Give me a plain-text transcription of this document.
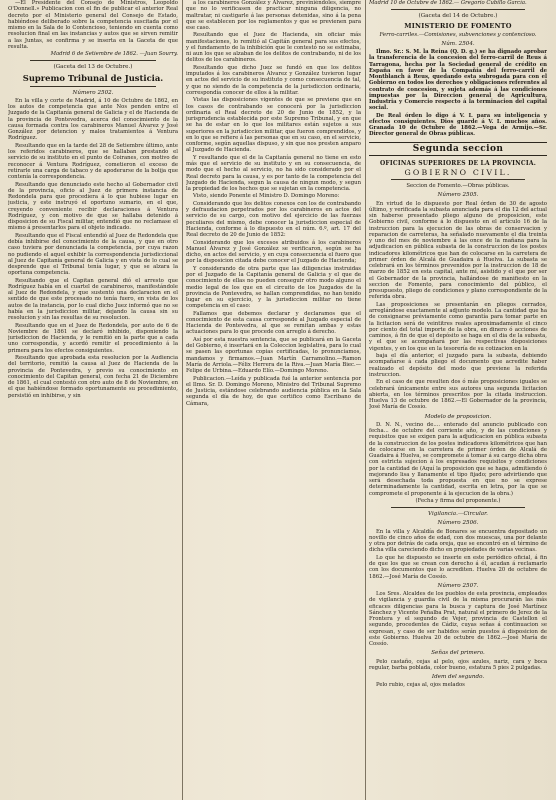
—El Presidente del Consejo de Ministros, Leopoldo O'Donnell.» Publicacion con el fin de publicar el anterior Real decreto por el Ministerio general del Consejo de Estado, habiéndose deliberado sobre la competencia suscitada por el mismo en la Sala de lo Contencioso, teniendo en cuenta como resolucion final en las instancias y autos que se sirven remitir a las Juntas, se confirma y se inserta en la Gaceta de que resulta.

Madrid 6 de Setiembre de 1862. —Juan Sourry.

(Gaceta del 13 de Octubre.)

Supremo Tribunal de Justicia.

Número 2502.

En la villa y corte de Madrid, á 10 de Octubre de 1862, en los autos de competencia que ante Nos penden entre el Juzgado de la Capitanía general de Galicia y el de Hacienda de la provincia de Pontevedra, acerca del conocimiento de la causa formada contra los carabineros Manuel Álvarez y José González por detencion y malos tratamientos á Ventura Rodríguez.

Resultando que en la tarde del 28 de Setiembre último, ante los referidos carabineros, que se hallaban prestando el servicio de su instituto en el punto de Coiranes, con motivo de reconocer á Ventura Rodríguez, cometieron el exceso de retirarle una carga de tabaco y de apoderarse de la bolija que contenía la correspondencia.

Resultando que denunciado este hecho al Gobernador civil de la provincia, oficio al Juez de primera instancia de Redondela para que procediera á lo que hubiese lugar en justicia, y este instruyó el oportuno sumario, en el que, creyendo conveniente recibir declaraciones á Ventura Rodríguez, y con motivo de que se hallaba detenido á disposicion de su Fiscal militar, entendió que no reclamase el mismo á presentarlos para el objeto indicado.

Resultando que el Fiscal entendió al Juez de Redondela que debía inhibirse del conocimiento de la causa, y que en otro caso tuviera por denunciada la competencia, por cuya razon no pudiendo el aquel exhibir la correspondencia jurisdiccional al Juez de Capitanía general de Galicia y en vista de lo cual se desprende que el Tribunal tenía lugar, y que se alzara la oportuna competencia.

Resultando que el Capitan general dió el arresto que Rodríguez había en el cuartel de carabineros, manifestándole al Juez de Redondela, y que sustentó una declaracion en el sentido de que este procesado no tenía fuero, en vista de los autos de la instancia, por lo cual dicho Juez informó que no se había en la jurisdiccion militar, dejando la causa sin su resolucion y sin las resultas de su resolucion.

Resultando que en el Juez de Redondela, por auto de 6 de Noviembre de 1861 se declaró inhibido, disponiendo la jurisdiccion de Hacienda, y le remitió en la parte que a cada uno correspondía, y acordó remitir el procedimiento á la primera para los efectos consiguientes.

Resultando que aprobada esta resolucion por la Audiencia del territorio, remitió la causa al Juez de Hacienda de la provincia de Pontevedra, y previo su conocimiento en conocimiento del Capitan general, con fecha 21 de Diciembre de 1861, el cual contestó con otro auto de 8 de Noviembre, en el que habiéndose formado oportunamente su procedimiento, persistió en inhibirse, y sin

a los carabineros González y Álvarez, previniéndoles, siempre que no lo verificasen de practicar ninguna diligencia, no maltratar, ni castigarle á las personas detenidas, sino á la pena que se establecen por los reglamentos y que se previenen para ese caso.

Resultando que el Juez de Hacienda, sin oficiar más manifestaciones, lo remitió al Capitán general para sus efectos, y el fundamento de la inhibición que le contestó no se estimaba, ni aun los que se alzaban de los delitos de contrabando, ni de los delitos de los carabineros.

Resultando que dicho Juez se fundó en que los delitos imputados á los carabineros Álvarez y González tuvieron lugar en actos del servicio de su instituto y como consecuencia de tal, y que no siendo de la competencia de la jurisdiccion ordinaria, correspondía conocer de ellos á la militar.

Vistas las disposiciones vigentes de que se previene que en los casos de contrabando se conocerá por la jurisdiccion ordinaria el Real decreto de 20 de Junio de 1852, y la jurisprudencia establecida por este Supremo Tribunal, y en que se ha de estar en lo que los militares están sujetos a sus superiores en la jurisdiccion militar, que fueron comprendidos, y en lo que se refiere á las personas que en su caso, en el servicio, conforme, según aquellas dispuso, y sin que nos presten amparo al Juzgado de Hacienda.

Y resultando que el de la Capitanía general no tiene en esto más que el servicio de su instituto y en su consecuencia, de modo que el hecho al servicio, no ha sido considerado por el Real decreto para la causa, y es por tanto de la competencia del Juzgado de Hacienda, segun la causa de ningun modo, y segun la propiedad de los hechos que se sujetan en la competencia.

Visto, siendo Ponente el Ministro D. Domingo Moreno:

Considerando que los delitos conexos con los de contrabando y defraudacion perpetrados por los carabineros en actos del servicio de su cargo, con motivo del ejercicio de las fuerzas peculiares del mismo, debe conocer la jurisdiccion especial de Hacienda, conforme á lo dispuesto en el núm. 6.º, art. 17 del Real decreto de 20 de Junio de 1852:

Considerando que los excesos atribuidos á los carabineros Manuel Álvarez y José González se verificaron, según se ha dicho, en actos del servicio, y en cuya consecuencia el fuero que por la disposicion citada debe conocer el Juzgado de Hacienda;

Y considerando de otra parte que las diligencias instruidas por el Juzgado de la Capitanía general de Galicia y el que de conocimiento de ellas no pueden conseguir otro modo alguno el medio legal de los que en el circuito de los Juzgados de la provincia de Pontevedra, se hallan comprendidas, no han tenido lugar en su ejercicio, y la jurisdiccion militar no tiene competencia en el caso:

Fallamos que debemos declarar y declaramos que el conocimiento de esta causa corresponde al Juzgado especial de Hacienda de Pontevedra, al que se remitan ambas y estas actuaciones para lo que procede con arreglo á derecho.

Así por esta nuestra sentencia, que se publicará en la Gaceta del Gobierno, é insertará en la Coleccion legislativa, para lo cual se pasen las oportunas copias certificadas, lo pronunciamos, mandamos y firmamos.—Juan Martín Carramolino.—Ramon María de Arriola.—Félix Herrera de la Riva.—Juan María Biec.—Felipe de Urbina.—Eduardo Elío.—Domingo Moreno.

Publicacion.—Leída y publicada fué la anterior sentencia por el Ilmo. Sr. D. Domingo Moreno, Ministro del Tribunal Supremo de Justicia, estándose celebrando audiencia pública en la Sala segunda el día de hoy, de que certifico como Escribano de Cámara,

Madrid 10 de Octubre de 1862.— Gregorio Cubillo García.

(Gaceta del 14 de Octubre.)

MINISTERIO DE FOMENTO

Ferro-carriles.—Comisiones, subvenciones y contencioso.

Núm. 2504.

Ilmo. Sr.: S. M. la Reina (Q. D. g.) se ha dignado aprobar la transferencia de la concesion del ferro-carril de Reus á Tarragona, hecha por la Sociedad general de crédito en España en favor de la Compañía del ferro-carril de Montblanch á Reus, quedando esta subrogada para con el Gobierno en todos los derechos y obligaciones referentes al contrato de concesion, y sujeta además á las condiciones impuestas por la Direccion general de Agricultura, Industria y Comercio respecto á la terminacion del capital social.

De Real órden lo digo á V. I. para su inteligencia y efectos consiguientes. Dios guarde á V. I. muchos años. Granada 10 de Octubre de 1862.—Vega de Armijo.—Sr. Director general de Obras públicas.

Segunda seccion
OFICINAS SUPERIORES DE LA PROVINCIA.
GOBIERNO CIVIL.

Seccion de Fomento.—Obras públicas.

Número 2505.

En virtud de lo dispuesto por Real órden de 30 de agosto último, y verificada la subasta anunciada para el dia 12 del actual sin haberse presentado pliego alguno de proposicion, este Gobierno civil, conforme á lo dispuesto en el artículo 16 de la instruccion para la ejecucion de las obras de conservacion y reparacion de carreteras, ha señalado nuevamente el dia treinta y uno del mes de noviembre á las once de la mañana para la adjudicacion en pública subasta de la construccion de los postes indicadores kilométricos que han de colocarse en la carretera de primer órden de Alcalá de Guadaira á Huelva. La subasta se celebrará en los términos prevenidos por la instruccion de 18 de marzo de 1852 en esta capital, ante mí, asistido y el que por ser el Gobernador de la provincia, hallándose de manifiesto en la seccion de Fomento, para conocimiento del público, el presupuesto, pliego de condiciones y plano correspondiente de la referida obra.

Las proposiciones se presentarán en pliegos cerrados, arreglándose exactamente al adjunto modelo. La cantidad que ha de consignarse préviamente como garantía para tomar parte en la licitacion será de veintitres reales aproximadamente el cinco por ciento del total importe de la obra, en dinero ó acciones de caminos, á fin de que el depósito se haga en el dia de la subasta, y el que se acompañará por las respectivas disposiciones vigentes, y en los que en la tesorería de su cotizacion en la

baja el día anterior, el juzgado para la subasta, debiendo acompañarse á cada pliego el documento que acredite haber realizado el depósito del modo que previene la referida instruccion.

En el caso de que resulten dos ó más proposiciones iguales se celebrará únicamente entre sus autores una segunda licitacion abierta, en los términos prescritos por la citada instruccion. Huelva 13 de octubre de 1862.—El Gobernador de la provincia, José María de Cossío.

Modelo de proposicion.

D. N. N., vecino de.... enterado del anuncio publicado con fecha... de octubre del corriente año, y de las condiciones y requisitos que se exigen para la adjudicacion en pública subasta de la construccion de los postes indicadores kilométricos que han de colocarse en la carretera de primer órden de Alcalá de Guadaira á Huelva, se compromete á tomar á su cargo dicha obra con estricta sujecion á los expresados requisitos y condiciones por la cantidad de (Aquí la proposicion que se haga, admitiendo ó mejorando lisa y llanamente el tipo fijado; pero advirtiendo que será desechada toda propuesta en que no se exprese determinadamente la cantidad, escrita en letra, por la que se compromete el proponente á la ejecucion de la obra.)

(Fecha y firma del proponente.)

Vigilancia.—Circular.

Número 2506.

En la villa y Alcaldía de Bonares se encuentra depositado un novillo de cinco años de edad, con dos muescas, una por delante y otra por detrás de cada oreja, que se encontró en el término de dicha villa careciendo dicho en propiedades de varias vecinas.

Lo que he dispuesto se inserte en este periódico oficial, á fin de que los que se crean con derecho á él, acudan á reclamarlo con los documentos que lo acrediten. Huelva 20 de octubre de 1862.—José María de Cossío.

Número 2507.

Los Sres. Alcaldes de los pueblos de esta provincia, empleados de vigilancia y guardia civil de la misma procurarán las más eficaces diligencias para la busca y captura de José Martínez Sánchez y Vicente Peñalba Prat, natural el primero de Jerez de la Frontera y el segundo de Vejer, provincia de Castellon el segundo, procedentes de Cádiz, cuyas señas á continuacion se expresan, y caso de ser habidos serán puestos á disposicion de este Gobierno. Huelva 20 de octubre de 1862.—José María de Cossío.

Señas del primero.

Pelo castaño, cejas al pelo, ojos azules, nariz, cara y boca regular, barba poblada, color bueno, estatura 5 pies 2 pulgadas.

Idem del segundo.

Pelo rubio, cejas al, ojos melados
